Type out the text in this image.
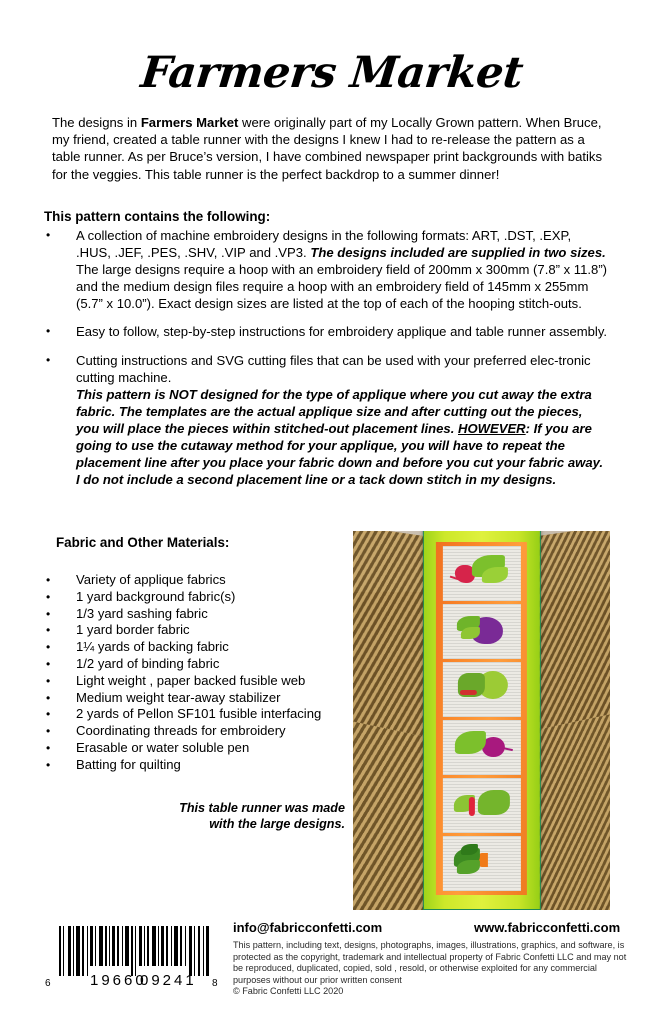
Farmers Market
The designs in Farmers Market were originally part of my Locally Grown pattern. When Bruce, my friend, created a table runner with the designs I knew I had to re-release the pattern as a table runner. As per Bruce’s version, I have combined newspaper print backgrounds with batiks for the veggies. This table runner is the perfect backdrop to a summer dinner!
This pattern contains the following:
•	A collection of machine embroidery designs in the following formats: ART, .DST, .EXP, .HUS, .JEF, .PES, .SHV, .VIP and .VP3. The designs included are supplied in two sizes. The large designs require a hoop with an embroidery field of 200mm x 300mm (7.8” x 11.8”) and the medium design files require a hoop with an embroidery field of 145mm x 255mm (5.7” x 10.0”). Exact design sizes are listed at the top of each of the hooping stitch-outs.
•	Easy to follow, step-by-step instructions for embroidery applique and table runner assembly.
•	Cutting instructions and SVG cutting files that can be used with your preferred elec-tronic cutting machine.
This pattern is NOT designed for the type of applique where you cut away the extra fabric. The templates are the actual applique size and after cutting out the pieces, you will place the pieces within stitched-out placement lines. HOWEVER: If you are going to use the cutaway method for your applique, you will have to repeat the placement line after you place your fabric down and before you cut your fabric away. I do not include a second placement line or a tack down stitch in my designs.
Fabric and Other Materials:
•	Variety of applique fabrics
•	1 yard background fabric(s)
•	1/3 yard sashing fabric
•	1 yard border fabric
•	1¼ yards of backing fabric
•	1/2 yard of binding fabric
•	Light weight , paper backed fusible web
•	Medium weight tear-away stabilizer
•	2 yards of Pellon SF101 fusible interfacing
•	Coordinating threads for embroidery
•	Erasable or water soluble pen
•	Batting for quilting
This table runner was made
with the large designs.
6	19660
09241 8
info@fabricconfetti.com	www.fabricconfetti.com
This pattern, including text, designs, photographs, images, illustrations, graphics, and software, is protected as the copyright, trademark and intellectual property of Fabric Confetti LLC and may not be reproduced, duplicated, copied, sold , resold, or otherwise exploited for any commercial purposes without our prior written consent
© Fabric Confetti LLC 2020
